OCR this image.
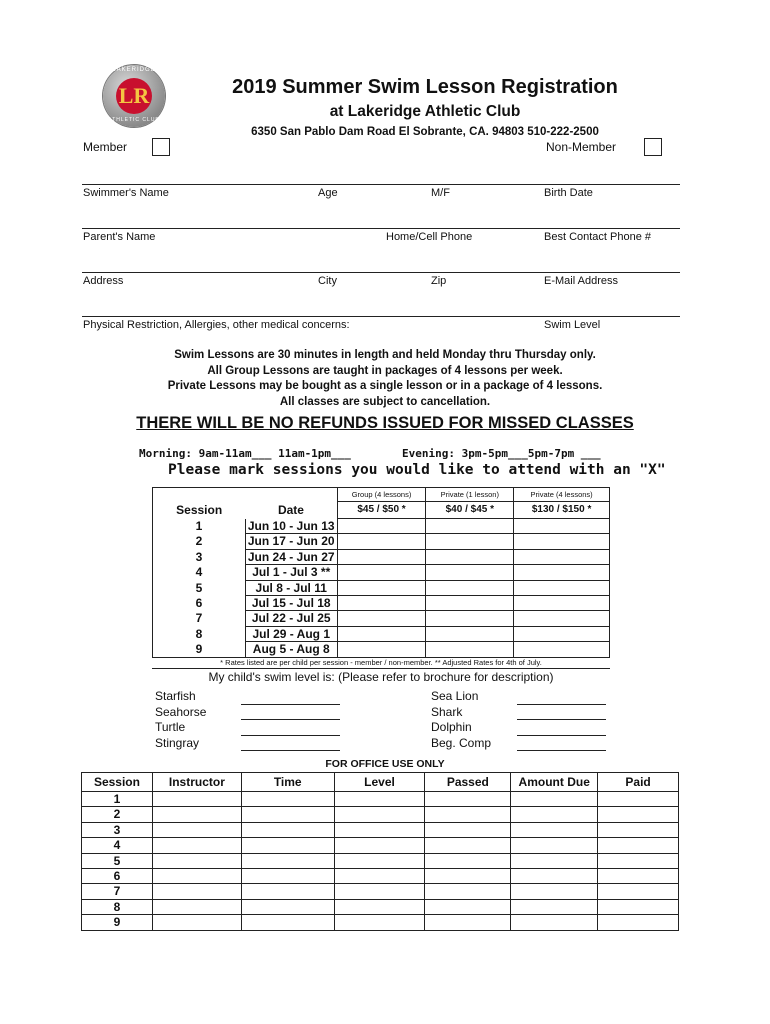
LAKERIDGE
LR
ATHLETIC CLUB
2019 Summer Swim Lesson Registration
at Lakeridge Athletic Club
6350 San Pablo Dam Road El Sobrante, CA. 94803 510-222-2500
Member	Non-Member
Swimmer's Name	Age	M/F	Birth Date
Parent's Name	Home/Cell Phone	Best Contact Phone #
Address	City	Zip	E-Mail Address
Physical Restriction, Allergies, other medical concerns:	Swim Level
Swim Lessons are 30 minutes in length and held Monday thru Thursday only.
All Group Lessons are taught in packages of 4 lessons per week.
Private Lessons may be bought as a single lesson or in a package of 4 lessons.
All classes are subject to cancellation.
THERE WILL BE NO REFUNDS ISSUED FOR MISSED CLASSES
Morning: 9am-11am___ 11am-1pm___	Evening: 3pm-5pm___5pm-7pm ___
Please mark sessions you would like to attend with an "X"
		Group (4 lessons)	Private (1 lesson)	Private (4 lessons)
Session	Date	$45 / $50 *	$40 / $45 *	$130 / $150 *
1	Jun 10 - Jun 13			
2	Jun 17 - Jun 20			
3	Jun 24 - Jun 27			
4	Jul 1 - Jul 3 **			
5	Jul 8 - Jul 11			
6	Jul 15 - Jul 18			
7	Jul 22 - Jul 25			
8	Jul 29 - Aug 1			
9	Aug 5 - Aug 8			
* Rates listed are per child per session - member / non-member. ** Adjusted Rates for 4th of July.
My child's swim level is: (Please refer to brochure for description)
Starfish
Seahorse
Turtle
Stingray
Sea Lion
Shark
Dolphin
Beg. Comp
FOR OFFICE USE ONLY
Session	Instructor	Time	Level	Passed	Amount Due	Paid
1						
2						
3						
4						
5						
6						
7						
8						
9						
